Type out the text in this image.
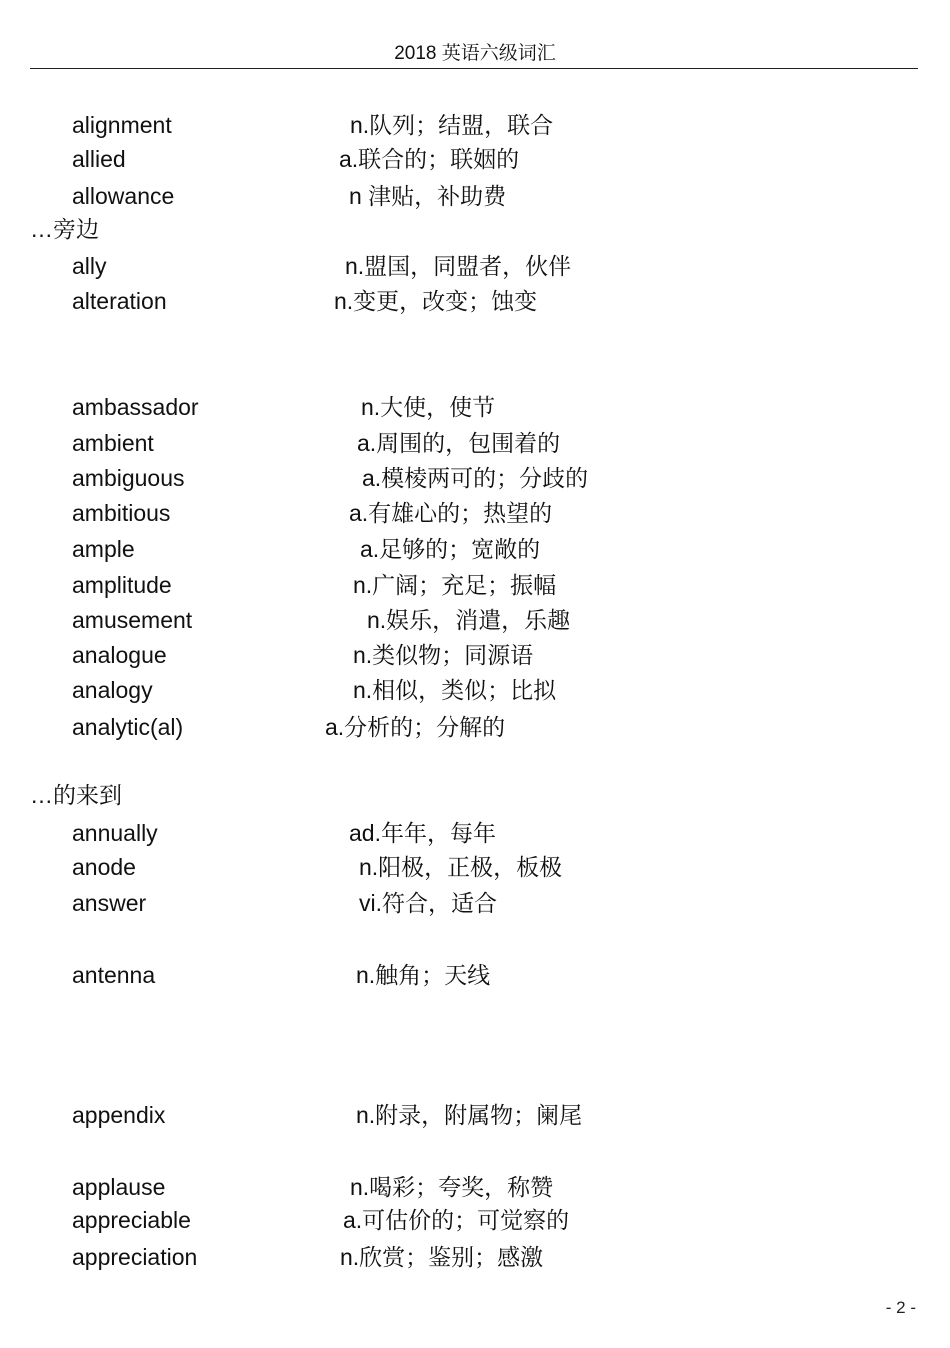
2018 英语六级词汇
alignment	n.队列；结盟，联合
allied	a.联合的；联姻的
allowance	n 津贴，补助费
…旁边
ally	n.盟国，同盟者，伙伴
alteration	n.变更，改变；蚀变
ambassador	n.大使，使节
ambient	a.周围的，包围着的
ambiguous	a.模棱两可的；分歧的
ambitious	a.有雄心的；热望的
ample	a.足够的；宽敞的
amplitude	n.广阔；充足；振幅
amusement	n.娱乐，消遣，乐趣
analogue	n.类似物；同源语
analogy	n.相似，类似；比拟
analytic(al)	a.分析的；分解的
…的来到
annually	ad.年年，每年
anode	n.阳极，正极，板极
answer	vi.符合，适合
antenna	n.触角；天线
appendix	n.附录，附属物；阑尾
applause	n.喝彩；夸奖，称赞
appreciable	a.可估价的；可觉察的
appreciation	n.欣赏；鉴别；感激
- 2 -
